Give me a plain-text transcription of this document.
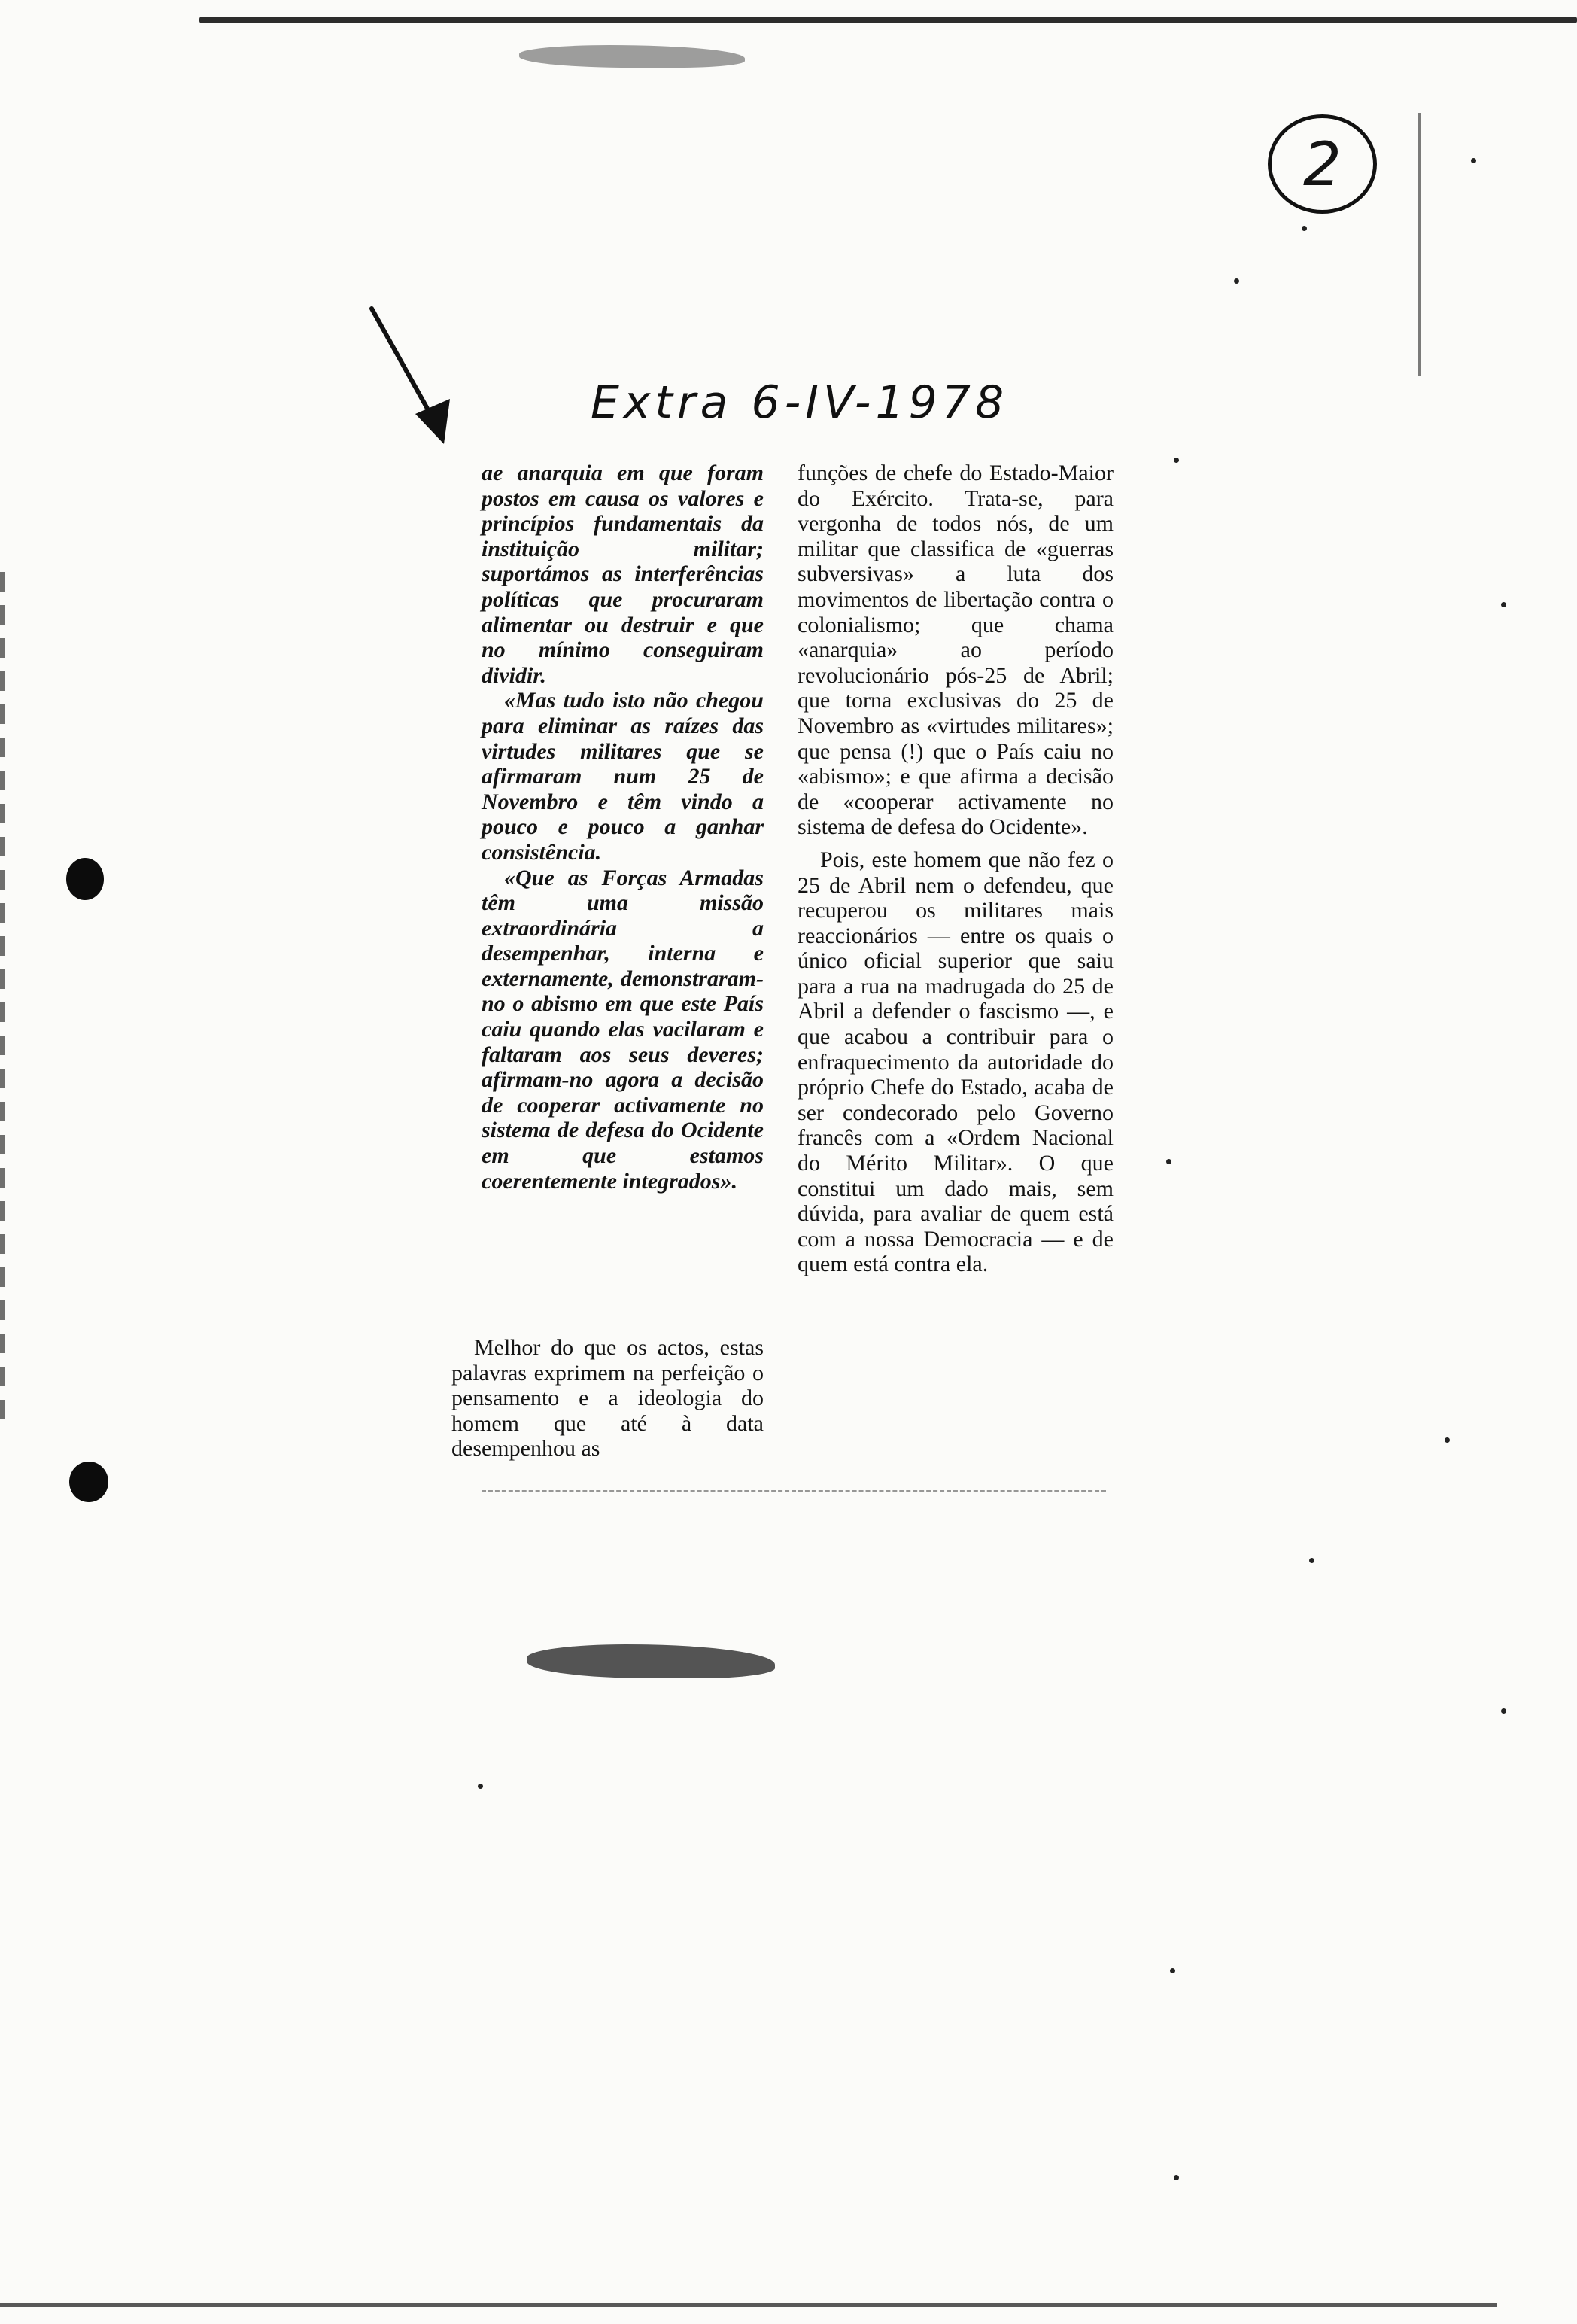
2
Extra 6-IV-1978

ae anarquia em que foram postos em causa os valores e princípios fundamentais da instituição militar; suportámos as interferências políticas que procuraram alimentar ou destruir e que no mínimo conseguiram dividir.

«Mas tudo isto não chegou para eliminar as raízes das virtudes militares que se afirmaram num 25 de Novembro e têm vindo a pouco e pouco a ganhar consistência.

«Que as Forças Armadas têm uma missão extraordinária a desempenhar, interna e externamente, demonstraram-no o abismo em que este País caiu quando elas vacilaram e faltaram aos seus deveres; afirmam-no agora a decisão de cooperar activamente no sistema de defesa do Ocidente em que estamos coerentemente integrados».

Melhor do que os actos, estas palavras exprimem na perfeição o pensamento e a ideologia do homem que até à data desempenhou as

funções de chefe do Estado-Maior do Exército. Trata-se, para vergonha de todos nós, de um militar que classifica de «guerras subversivas» a luta dos movimentos de libertação contra o colonialismo; que chama «anarquia» ao período revolucionário pós-25 de Abril; que torna exclusivas do 25 de Novembro as «virtudes militares»; que pensa (!) que o País caiu no «abismo»; e que afirma a decisão de «cooperar activamente no sistema de defesa do Ocidente».

Pois, este homem que não fez o 25 de Abril nem o defendeu, que recuperou os militares mais reaccionários — entre os quais o único oficial superior que saiu para a rua na madrugada do 25 de Abril a defender o fascismo —, e que acabou a contribuir para o enfraquecimento da autoridade do próprio Chefe do Estado, acaba de ser condecorado pelo Governo francês com a «Ordem Nacional do Mérito Militar». O que constitui um dado mais, sem dúvida, para avaliar de quem está com a nossa Democracia — e de quem está contra ela.
